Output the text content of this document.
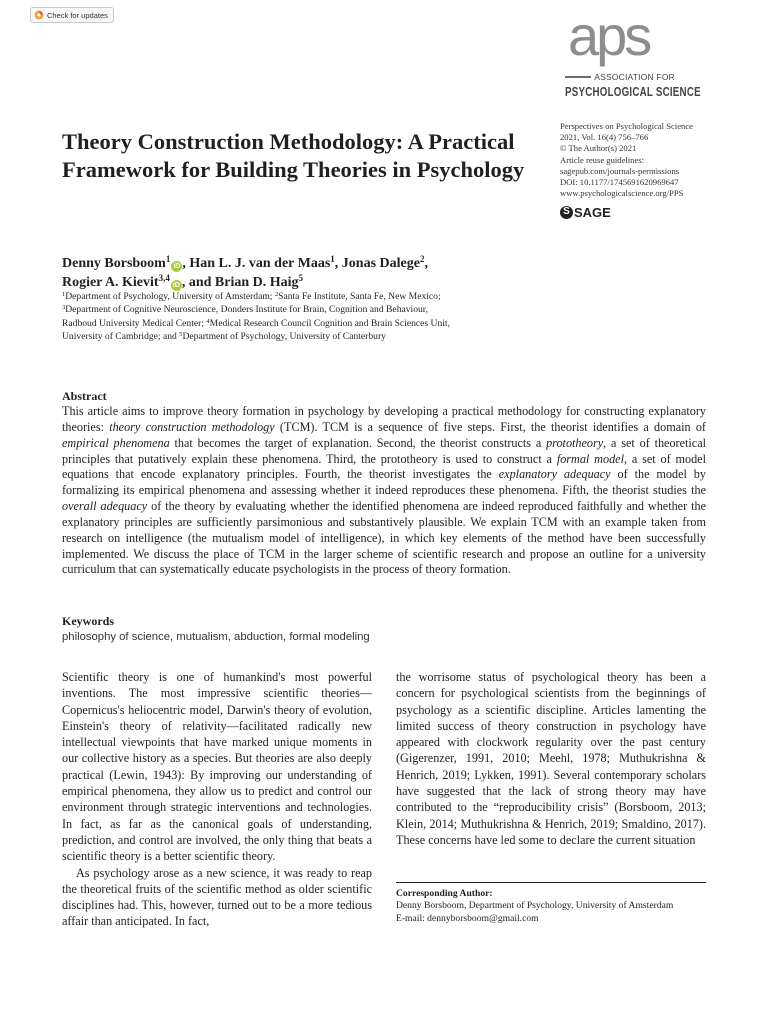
Check for updates	aps
ASSOCIATION FOR
PSYCHOLOGICAL SCIENCE
Theory Construction Methodology: A Practical Framework for Building Theories in Psychology
Perspectives on Psychological Science
2021, Vol. 16(4) 756–766
© The Author(s) 2021
Article reuse guidelines:
sagepub.com/journals-permissions
DOI: 10.1177/1745691620969647
www.psychologicalscience.org/PPS
S SAGE
Denny Borsboom$^1$iD , Han L. J. van der Maas$^1$, Jonas Dalege$^2$,
Rogier A. Kievit$^{3,4}$iD , and Brian D. Haig$^5$
$^1$Department of Psychology, University of Amsterdam; $^2$Santa Fe Institute, Santa Fe, New Mexico;
$^3$Department of Cognitive Neuroscience, Donders Institute for Brain, Cognition and Behaviour,
Radboud University Medical Center; $^4$Medical Research Council Cognition and Brain Sciences Unit,
University of Cambridge; and $^5$Department of Psychology, University of Canterbury
Abstract

This article aims to improve theory formation in psychology by developing a practical methodology for constructing explanatory theories: theory construction methodology (TCM). TCM is a sequence of five steps. First, the theorist identifies a domain of empirical phenomena that becomes the target of explanation. Second, the theorist constructs a prototheory, a set of theoretical principles that putatively explain these phenomena. Third, the prototheory is used to construct a formal model, a set of model equations that encode explanatory principles. Fourth, the theorist investigates the explanatory adequacy of the model by formalizing its empirical phenomena and assessing whether it indeed reproduces these phenomena. Fifth, the theorist studies the overall adequacy of the theory by evaluating whether the identified phenomena are indeed reproduced faithfully and whether the explanatory principles are sufficiently parsimonious and substantively plausible. We explain TCM with an example taken from research on intelligence (the mutualism model of intelligence), in which key elements of the method have been successfully implemented. We discuss the place of TCM in the larger scheme of scientific research and propose an outline for a university curriculum that can systematically educate psychologists in the process of theory formation.

Keywords
philosophy of science, mutualism, abduction, formal modeling

Scientific theory is one of humankind's most powerful inventions. The most impressive scientific theories—Copernicus's heliocentric model, Darwin's theory of evolution, Einstein's theory of relativity—facilitated radically new intellectual viewpoints that have marked unique moments in our collective history as a species. But theories are also deeply practical (Lewin, 1943): By improving our understanding of empirical phenomena, they allow us to predict and control our environment through strategic interventions and technologies. In fact, as far as the canonical goals of understanding, prediction, and control are involved, the only thing that beats a scientific theory is a better scientific theory.

As psychology arose as a new science, it was ready to reap the theoretical fruits of the scientific method as older scientific disciplines had. This, however, turned out to be a more tedious affair than anticipated. In fact,

the worrisome status of psychological theory has been a concern for psychological scientists from the beginnings of psychology as a scientific discipline. Articles lamenting the limited success of theory construction in psychology have appeared with clockwork regularity over the past century (Gigerenzer, 1991, 2010; Meehl, 1978; Muthukrishna & Henrich, 2019; Lykken, 1991). Several contemporary scholars have suggested that the lack of strong theory may have contributed to the “reproducibility crisis” (Borsboom, 2013; Klein, 2014; Muthukrishna & Henrich, 2019; Smaldino, 2017). These concerns have led some to declare the current situation

Corresponding Author:
Denny Borsboom, Department of Psychology, University of Amsterdam
E-mail: dennyborsboom@gmail.com
